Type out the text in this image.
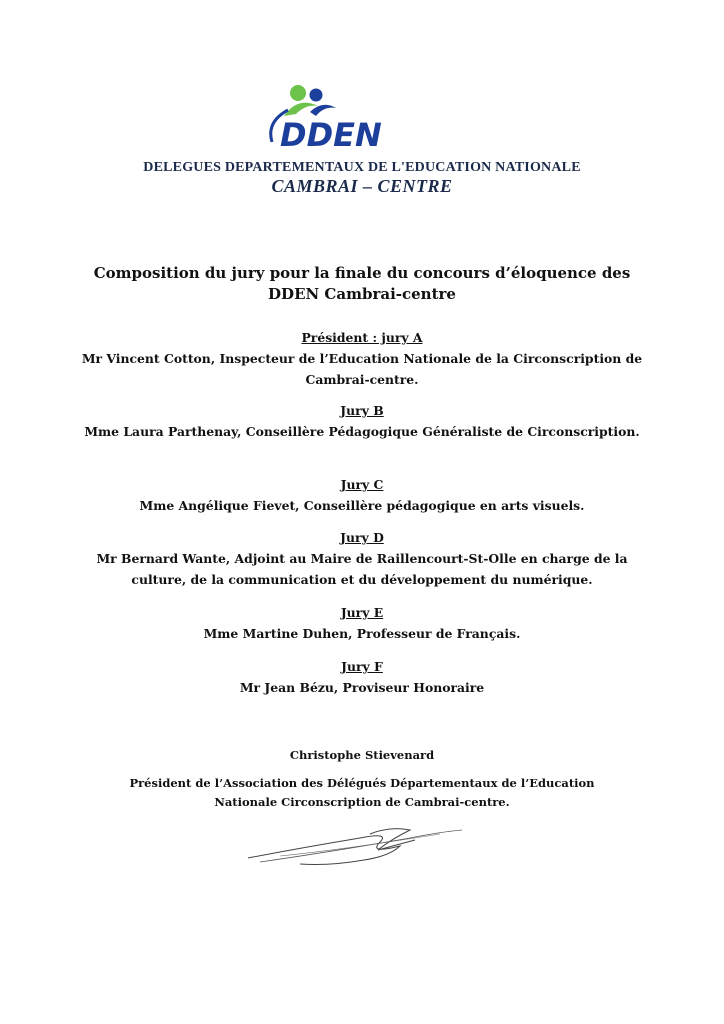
DDEN

DELEGUES DEPARTEMENTAUX DE L'EDUCATION NATIONALE

CAMBRAI – CENTRE

Composition du jury pour la finale du concours d’éloquence des DDEN Cambrai-centre
Président : jury A
Mr Vincent Cotton, Inspecteur de l’Education Nationale de la Circonscription de Cambrai-centre.
Jury B
Mme Laura Parthenay, Conseillère Pédagogique Généraliste de Circonscription.
Jury C
Mme Angélique Fievet, Conseillère pédagogique en arts visuels.
Jury D
Mr Bernard Wante, Adjoint au Maire de Raillencourt-St-Olle en charge de la culture, de la communication et du développement du numérique.
Jury E
Mme Martine Duhen, Professeur de Français.
Jury F
Mr Jean Bézu, Proviseur Honoraire

Christophe Stievenard

Président de l’Association des Délégués Départementaux de l’Education Nationale Circonscription de Cambrai-centre.
